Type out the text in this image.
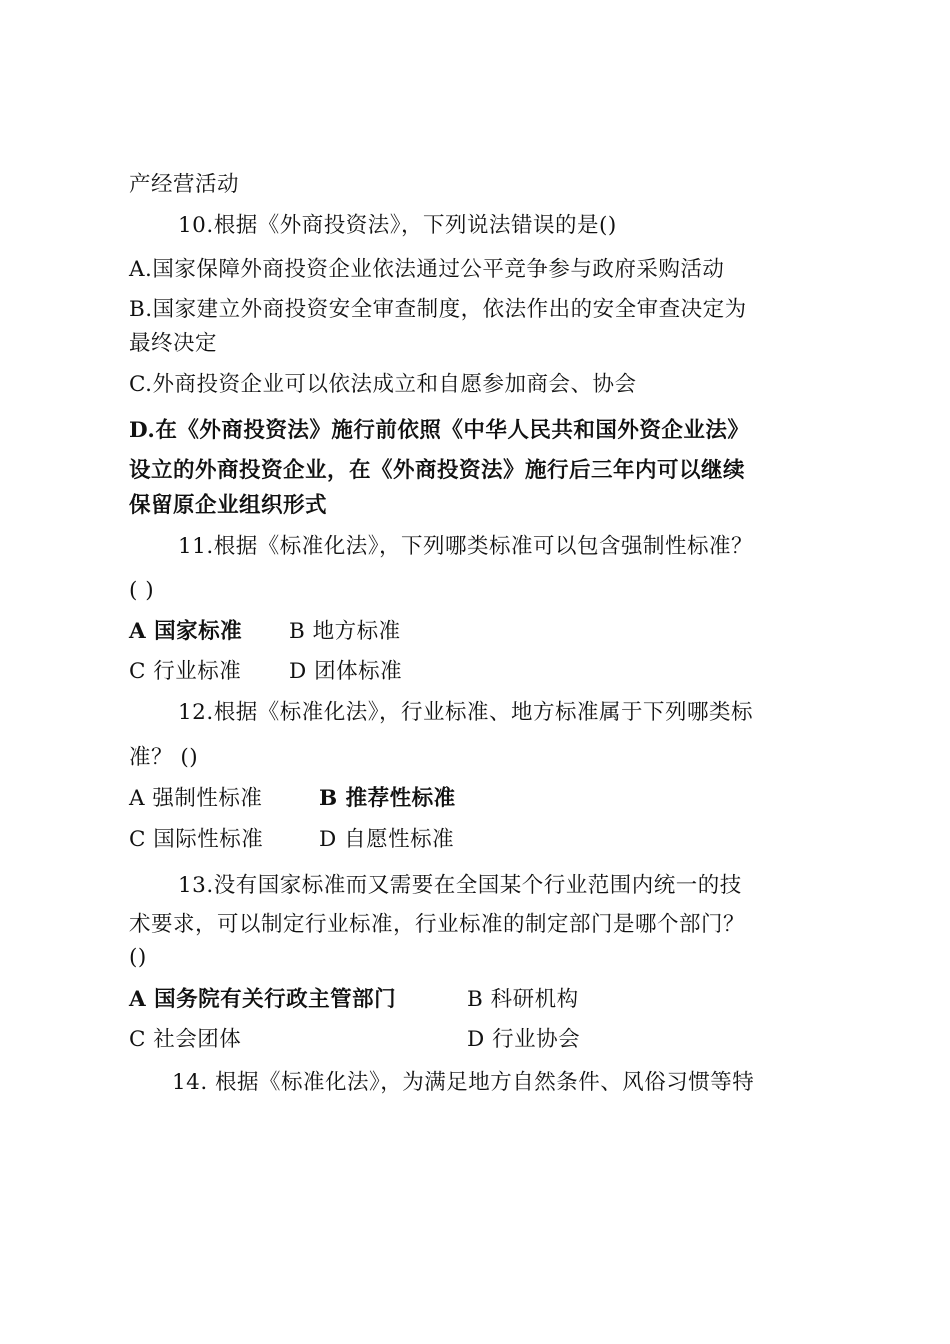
产经营活动
10.根据《外商投资法》，下列说法错误的是()
A.国家保障外商投资企业依法通过公平竞争参与政府采购活动
B.国家建立外商投资安全审查制度，依法作出的安全审查决定为
最终决定
C.外商投资企业可以依法成立和自愿参加商会、协会
D.在《外商投资法》施行前依照《中华人民共和国外资企业法》
设立的外商投资企业，在《外商投资法》施行后三年内可以继续
保留原企业组织形式
11.根据《标准化法》，下列哪类标准可以包含强制性标准？
( )
A 国家标准 B 地方标准
C 行业标准 D 团体标准
12.根据《标准化法》，行业标准、地方标准属于下列哪类标
准？ ()
A 强制性标准	B 推荐性标准
C 国际性标准	D 自愿性标准
13.没有国家标准而又需要在全国某个行业范围内统一的技
术要求，可以制定行业标准，行业标准的制定部门是哪个部门？
()
A 国务院有关行政主管部门	B 科研机构
C 社会团体	D 行业协会
14. 根据《标准化法》，为满足地方自然条件、风俗习惯等特
